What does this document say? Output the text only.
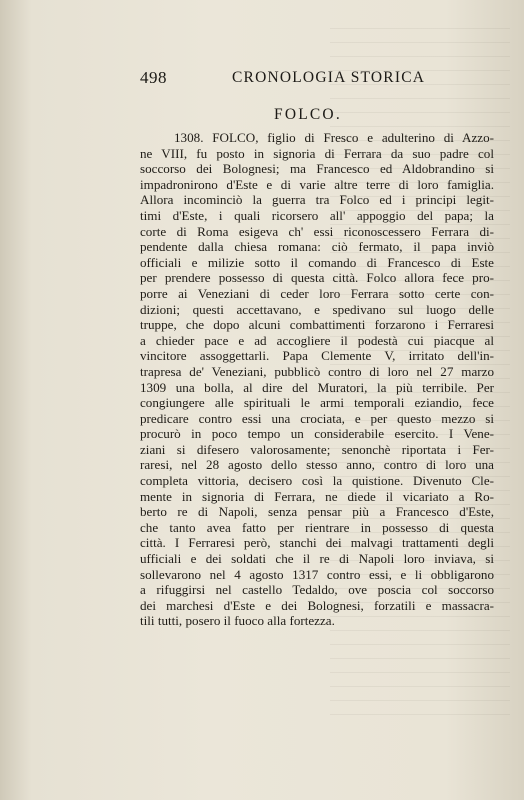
498	CRONOLOGIA STORICA
FOLCO.
1308. FOLCO, figlio di Fresco e adulterino di Azzo-
ne VIII, fu posto in signoria di Ferrara da suo padre col
soccorso dei Bolognesi; ma Francesco ed Aldobrandino si
impadronirono d'Este e di varie altre terre di loro famiglia.
Allora incominciò la guerra tra Folco ed i principi legit-
timi d'Este, i quali ricorsero all' appoggio del papa; la
corte di Roma esigeva ch' essi riconoscessero Ferrara di-
pendente dalla chiesa romana: ciò fermato, il papa inviò
officiali e milizie sotto il comando di Francesco di Este
per prendere possesso di questa città. Folco allora fece pro-
porre ai Veneziani di ceder loro Ferrara sotto certe con-
dizioni; questi accettavano, e spedivano sul luogo delle
truppe, che dopo alcuni combattimenti forzarono i Ferraresi
a chieder pace e ad accogliere il podestà cui piacque al
vincitore assoggettarli. Papa Clemente V, irritato dell'in-
trapresa de' Veneziani, pubblicò contro di loro nel 27 marzo
1309 una bolla, al dire del Muratori, la più terribile. Per
congiungere alle spirituali le armi temporali eziandio, fece
predicare contro essi una crociata, e per questo mezzo si
procurò in poco tempo un considerabile esercito. I Vene-
ziani si difesero valorosamente; senonchè riportata i Fer-
raresi, nel 28 agosto dello stesso anno, contro di loro una
completa vittoria, decisero così la quistione. Divenuto Cle-
mente in signoria di Ferrara, ne diede il vicariato a Ro-
berto re di Napoli, senza pensar più a Francesco d'Este,
che tanto avea fatto per rientrare in possesso di questa
città. I Ferraresi però, stanchi dei malvagi trattamenti degli
ufficiali e dei soldati che il re di Napoli loro inviava, si
sollevarono nel 4 agosto 1317 contro essi, e li obbligarono
a rifuggirsi nel castello Tedaldo, ove poscia col soccorso
dei marchesi d'Este e dei Bolognesi, forzatili e massacra-
tili tutti, posero il fuoco alla fortezza.
